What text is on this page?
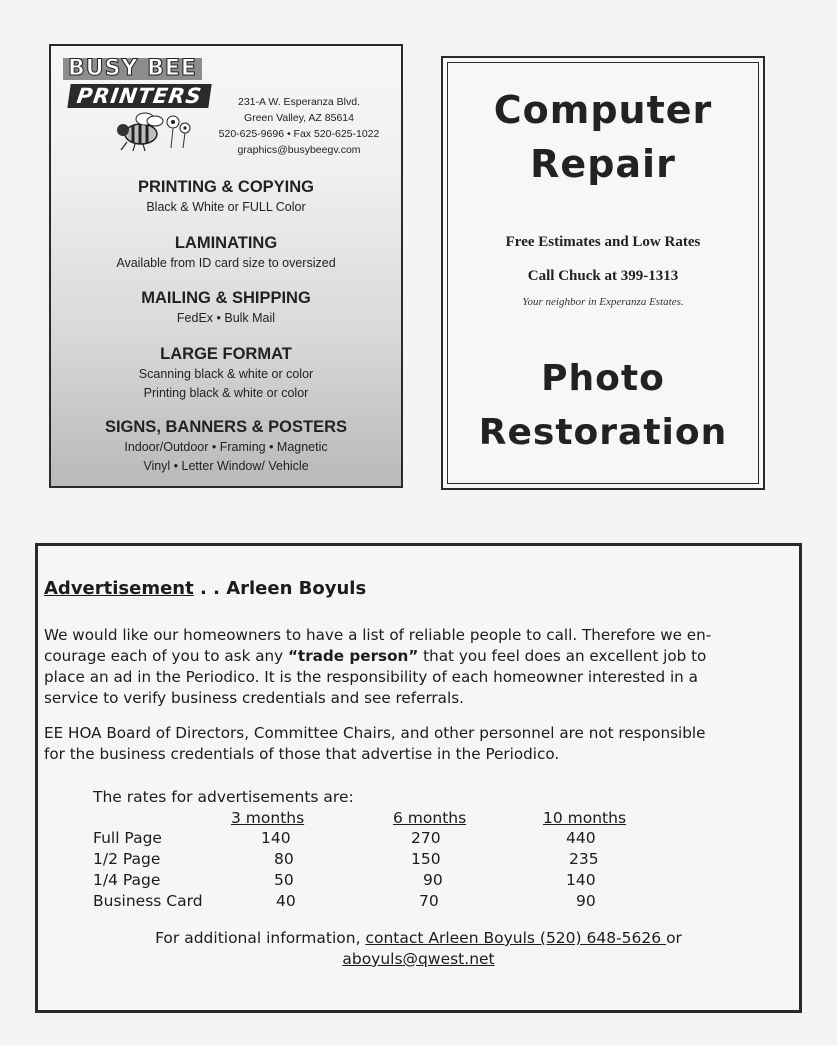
BUSY BEE
PRINTERS	231-A W. Esperanza Blvd.
Green Valley, AZ 85614
520-625-9696 • Fax 520-625-1022
graphics@busybeegv.com
PRINTING & COPYING
Black & White or FULL Color
LAMINATING
Available from ID card size to oversized
MAILING & SHIPPING
FedEx • Bulk Mail
LARGE FORMAT
Scanning black & white or color
Printing black & white or color
SIGNS, BANNERS & POSTERS
Indoor/Outdoor • Framing • Magnetic
Vinyl • Letter Window/ Vehicle
Computer
Repair
Free Estimates and Low Rates
Call Chuck at 399-1313
Your neighbor in Experanza Estates.
Photo
Restoration
Advertisement . . Arleen Boyuls
We would like our homeowners to have a list of reliable people to call. Therefore we en-
courage each of you to ask any “trade person” that you feel does an excellent job to
place an ad in the Periodico. It is the responsibility of each homeowner interested in a
service to verify business credentials and see referrals.
EE HOA Board of Directors, Committee Chairs, and other personnel are not responsible
for the business credentials of those that advertise in the Periodico.
The rates for advertisements are:
3 months	6 months	10 months
Full Page	140	270	440
1/2 Page	80	150	235
1/4 Page	50	90	140
Business Card	40	70	90
For additional information, contact Arleen Boyuls (520) 648-5626 or
aboyuls@qwest.net
